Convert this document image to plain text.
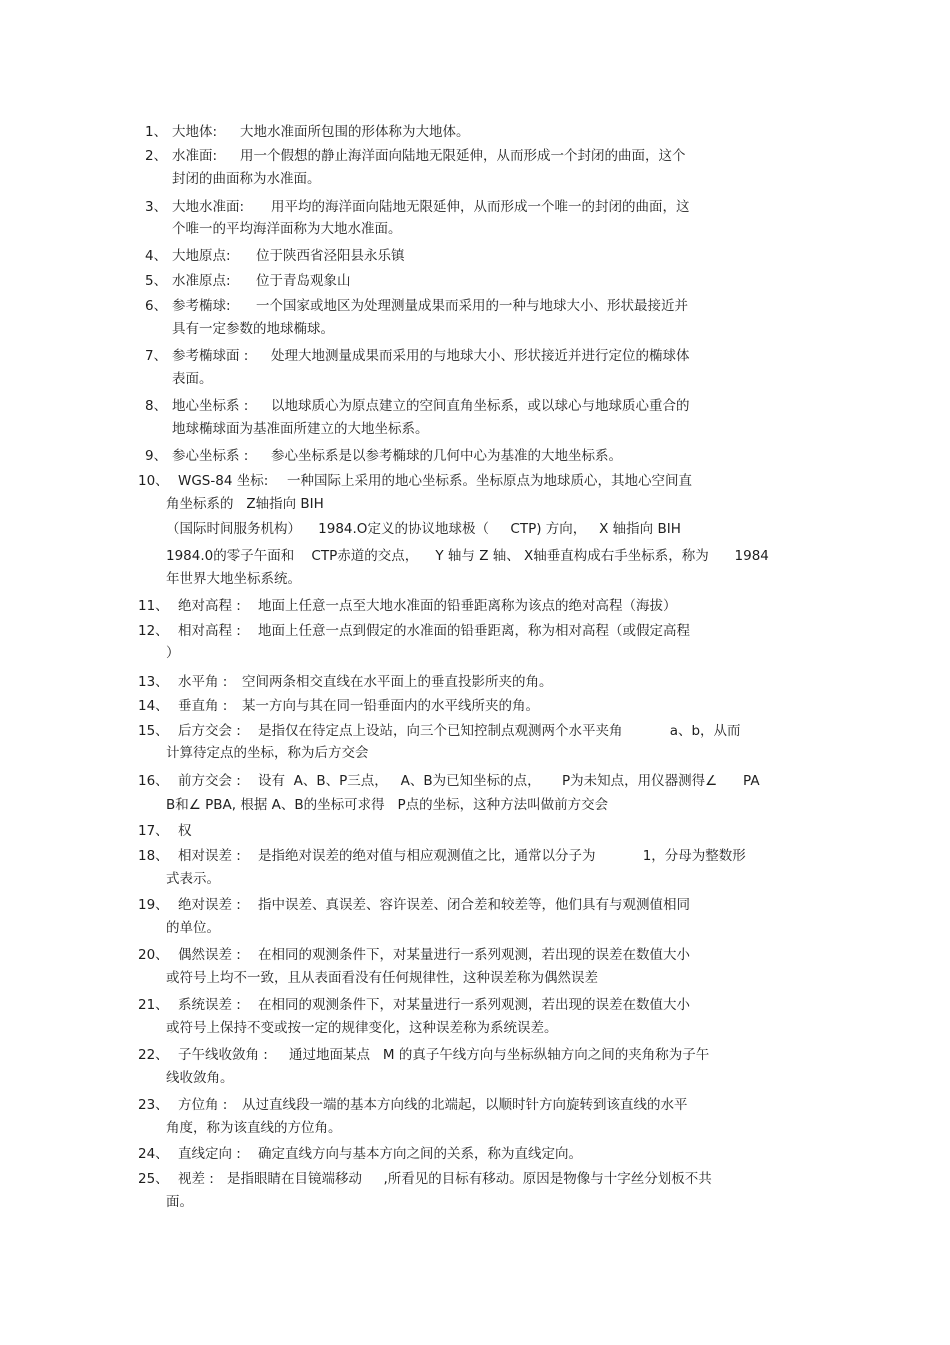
1、 大地体: 大地水准面所包围的形体称为大地体。
2、 水准面: 用一个假想的静止海洋面向陆地无限延伸，从而形成一个封闭的曲面，这个
封闭的曲面称为水准面。
3、 大地水准面: 用平均的海洋面向陆地无限延伸，从而形成一个唯一的封闭的曲面，这
个唯一的平均海洋面称为大地水准面。
4、 大地原点: 位于陕西省泾阳县永乐镇
5、 水准原点: 位于青岛观象山
6、 参考椭球: 一个国家或地区为处理测量成果而采用的一种与地球大小、形状最接近并
具有一定参数的地球椭球。
7、 参考椭球面 : 处理大地测量成果而采用的与地球大小、形状接近并进行定位的椭球体
表面。
8、 地心坐标系 : 以地球质心为原点建立的空间直角坐标系，或以球心与地球质心重合的
地球椭球面为基准面所建立的大地坐标系。
9、 参心坐标系 : 参心坐标系是以参考椭球的几何中心为基准的大地坐标系。
10、 WGS-84 坐标: 一种国际上采用的地心坐标系。坐标原点为地球质心，其地心空间直
角坐标系的   Z轴指向 BIH
（国际时间服务机构）    1984.O定义的协议地球极（     CTP) 方向，   X 轴指向 BIH
1984.0的零子午面和    CTP赤道的交点，    Y 轴与 Z 轴、 X轴垂直构成右手坐标系，称为      1984
年世界大地坐标系统。
11、 绝对高程 : 地面上任意一点至大地水准面的铅垂距离称为该点的绝对高程（海拔）
12、 相对高程 : 地面上任意一点到假定的水准面的铅垂距离，称为相对高程（或假定高程
）
13、 水平角 : 空间两条相交直线在水平面上的垂直投影所夹的角。
14、 垂直角 : 某一方向与其在同一铅垂面内的水平线所夹的角。
15、 后方交会 : 是指仅在待定点上设站，向三个已知控制点观测两个水平夹角           a、b，从而
计算待定点的坐标，称为后方交会
16、 前方交会 : 设有  A、B、P三点，   A、B为已知坐标的点，     P为未知点，用仪器测得∠      PA
B和∠ PBA, 根据 A、B的坐标可求得   P点的坐标，这种方法叫做前方交会
17、 权
18、 相对误差 : 是指绝对误差的绝对值与相应观测值之比，通常以分子为           1，分母为整数形
式表示。
19、 绝对误差 : 指中误差、真误差、容许误差、闭合差和较差等，他们具有与观测值相同
的单位。
20、 偶然误差 : 在相同的观测条件下，对某量进行一系列观测，若出现的误差在数值大小
或符号上均不一致，且从表面看没有任何规律性，这种误差称为偶然误差
21、 系统误差 : 在相同的观测条件下，对某量进行一系列观测，若出现的误差在数值大小
或符号上保持不变或按一定的规律变化，这种误差称为系统误差。
22、 子午线收敛角 : 通过地面某点   M 的真子午线方向与坐标纵轴方向之间的夹角称为子午
线收敛角。
23、 方位角 : 从过直线段一端的基本方向线的北端起，以顺时针方向旋转到该直线的水平
角度，称为该直线的方位角。
24、 直线定向 : 确定直线方向与基本方向之间的关系，称为直线定向。
25、 视差 : 是指眼睛在目镜端移动     ,所看见的目标有移动。原因是物像与十字丝分划板不共
面。
